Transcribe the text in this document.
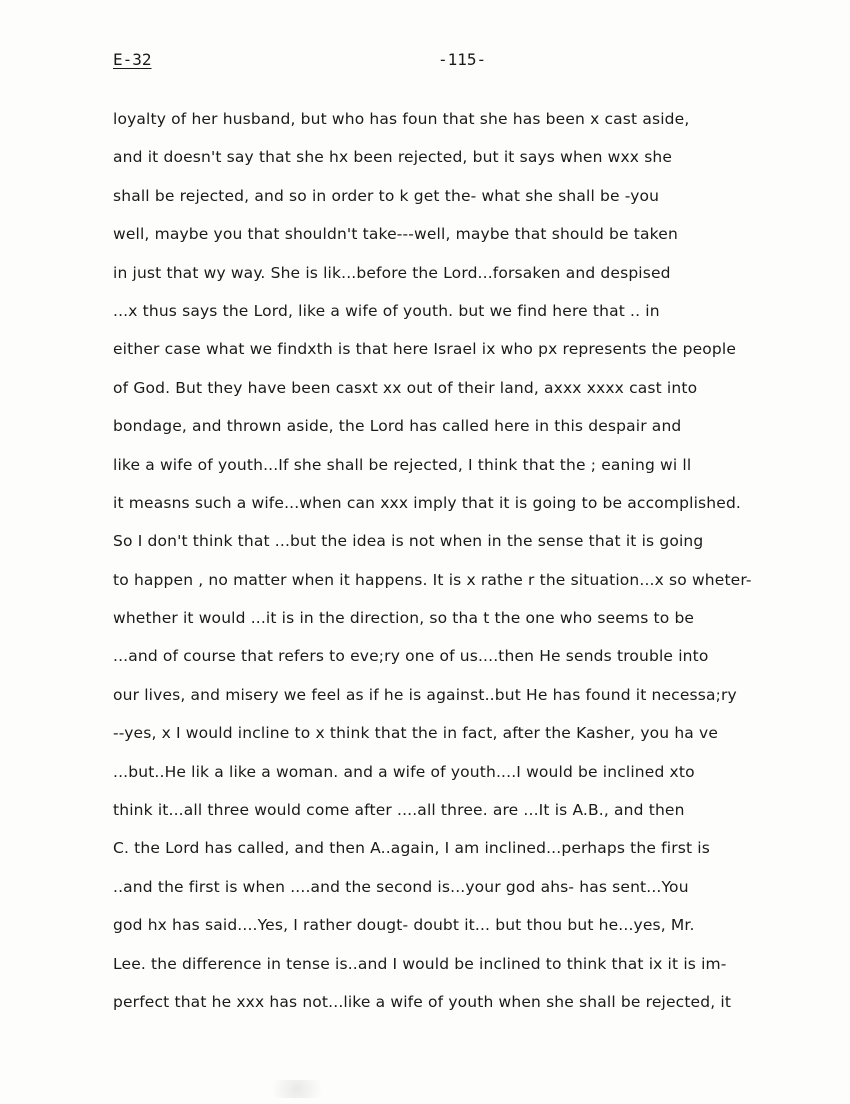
E-32	-115-
loyalty of her husband, but who has foun that she has been x cast aside,
and it doesn't say that she hx been rejected, but it says when wxx she
shall be rejected, and so in order to k get the- what she shall be -you
well, maybe you that shouldn't take---well, maybe that should be taken
in just that wy way. She is lik...before the Lord...forsaken and despised
...x thus says the Lord, like a wife of youth. but we find here that .. in
either case what we findxth is that here Israel ix who px represents the people
of God. But they have been casxt xx out of their land, axxx xxxx cast into
bondage, and thrown aside, the Lord has called here in this despair and
like a wife of youth...If she shall be rejected, I think that the ; eaning wi ll
it measns such a wife...when can xxx imply that it is going to be accomplished.
So I don't think that ...but the idea is not when in the sense that it is going
to happen , no matter when it happens. It is x rathe r the situation...x so wheter-
whether it would ...it is in the direction, so tha t the one who seems to be
...and of course that refers to eve;ry one of us....then He sends trouble into
our lives, and misery we feel as if he is against..but He has found it necessa;ry
--yes, x I would incline to x think that the in fact, after the Kasher, you ha ve
...but..He lik a like a woman. and a wife of youth....I would be inclined xto
think it...all three would come after ....all three. are ...It is A.B., and then
C. the Lord has called, and then A..again, I am inclined...perhaps the first is
..and the first is when ....and the second is...your god ahs- has sent...You
god hx has said....Yes, I rather dougt- doubt it... but thou but he...yes, Mr.
Lee. the difference in tense is..and I would be inclined to think that ix it is im-
perfect that he xxx has not...like a wife of youth when she shall be rejected, it
